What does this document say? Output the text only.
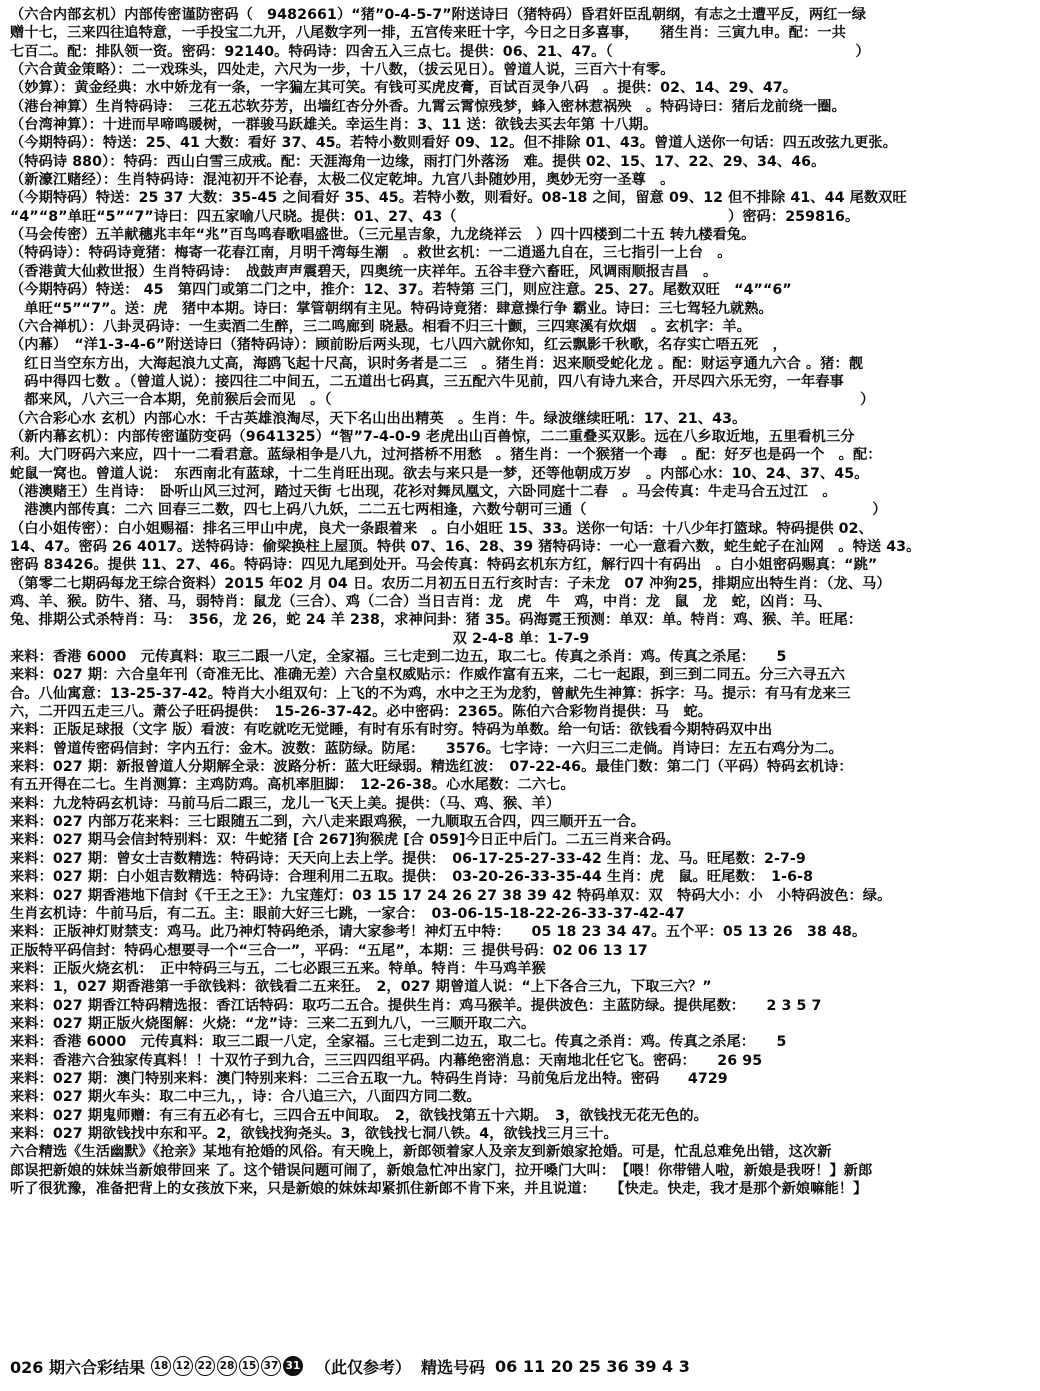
（六合内部玄机）内部传密谨防密码（　9482661）“猪”0-4-5-7”附送诗曰（猪特码）昏君奸臣乱朝纲，有志之士遭平反，两红一绿
赠十七，三来四往追特意，一手投宝二九开，八尾数字列一排，五宫传来旺十字，今日之日多喜事，　　猪生肖：三寅九申。配：一共
七百二。配：排队领一资。密码：92140。特码诗：四舍五入三点七。提供：06、21、47。（　　　　　　　　　　　　　　　　　）
（六合黄金策略）：二一戏珠头，四处走，六尺为一步，十八数，（拔云见日）。曾道人说，三百六十有零。
（妙算）：黄金经典：水中娇龙有一条，一字猵左其可笑。有钱可买虎皮膏，百试百灵争八码　。提供：02、14、29、47。
（港台神算）生肖特码诗：　三花五芯软芬芳，出墙红杏分外香。九霄云霄惊残梦，蜂入密林惹祸殃　。特码诗曰：猪后龙前绕一圈。
（台湾神算）：十进而早啼鸣暖树，一群骏马跃雄关。幸运生肖：3、11 送：欲钱去买去年第 十八期。
（今期特码）：特送：25、41 大数：看好 37、45。若特小数则看好 09、12。但不排除 01、43。曾道人送你一句话：四五改弦九更张。
（特码诗 880）：特码：西山白雪三成戒。配：天涯海角一边缘，雨打门外落汤　难。提供 02、15、17、22、29、34、46。
（新濠江赌经）：生肖特码诗：混沌初开不论春，太极二仪定乾坤。九宫八卦随妙用，奥妙无穷一圣尊　。
（今期特码）特送：25 37 大数：35-45 之间看好 35、45。若特小数，则看好。08-18 之间，留意 09、12 但不排除 41、44 尾数双旺
“4”“8”单旺“5”“7”诗曰：四五家喻八尺晓。提供：01、27、43（　　　　　　　　　　　　　　　　　　　）密码：259816。
（马会传密）五羊献穗兆丰年“兆”百鸟鸣春歌唱盛世。（三元星吉象，九龙绕祥云　）四十四楼到二十五 转九楼看兔。
（特码诗）：特码诗竟猪：梅寄一花春江南，月明千湾每生潮　。救世玄机：一二逍遥九自在，三七指引一上台　。
（香港黄大仙救世报）生肖特码诗：　战鼓声声震碧天，四奥统一庆祥年。五谷丰登六畜旺，风调雨顺报吉昌　。
（今期特码）特送： 45　第四门或第二门之中，推介：12、37。若特第 三门，则应注意。25、27。尾数双旺　“4”“6”
　单旺“5”“7”。送：虎　猪中本期。诗曰：掌管朝纲有主见。特码诗竟猪：肆意操行争 霸业。诗曰：三七驾轻九就熟。
（六合禅机）：八卦灵码诗：一生卖酒二生醉，三二鸣廊到 晓悬。相看不归三十颤，三四寒溪有炊烟　。玄机字：羊。
（内幕）　“洋1-3-4-6”附送诗曰（猪特码诗）：顾前盼后两头现，七八四六就你知，红云飘影千秋歌，名存实亡唔五死　，
　红日当空东方出，大海起浪九丈高，海鸥飞起十尺高，识时务者是二三　。猪生肖：迟来顺受蛇化龙 。配：财运亨通九六合 。猪：靓
　码中得四七数 。（曾道人说）：接四往二中间五，二五道出七码真，三五配六牛见前，四八有诗九来合，开尽四六乐无穷，一年春事
　都来风，八六三一合本期，免前猴后会而见　。（　　　　　　　　　　　　　　　　　　　　　　　　　　　　　　　　　　　　　）
（六合彩心水 玄机）内部心水：千古英雄浪淘尽，天下名山出出精英　。生肖：牛。绿波继续旺吼：17、21、43。
（新内幕玄机）：内部传密谨防变码（9641325）“智”7-4-0-9 老虎出山百兽惊，二二重叠买双影。远在八乡取近地，五里看机三分
利。大门呀码六来应，四十一二看君意。蓝绿相争是八九，过河搭桥不用愁　。猪生肖：一个猴猪一个毒　。配：好歹也是码一个　。配：
蛇鼠一窝也。曾道人说：　东西南北有蓝球，十二生肖旺出现。欲去与来只是一梦，还等他朝成万岁　。内部心水：10、24、37、45。
（港澳赌王）生肖诗：　卧听山风三过河，踏过天街 七出现，花衫对舞凤凰文，六卧同庭十二春　。马会传真：牛走马合五过江　。
　港澳内部传真：二六 回春三二数，四七上码八九妖，二二五七两相逢，六数兮朝可三通（　　　　　　　　　　　　　　　　　　　　）
（白小姐传密）：白小姐赐福：排名三甲山中虎，良犬一条跟着来　。白小姐旺 15、33。送你一句话：十八少年打篮球。特码提供 02、
14、47。密码 26 4017。送特码诗：偷梁换柱上屋顶。特供 07、16、28、39 猪特码诗：一心一意看六数，蛇生蛇子在汕网　。特送 43。
密码 83426。提供 11、27、46。特码诗：四见九尾到处开。马会传真：特码玄机东方红，解行四十有码出　。白小姐密码赐真：“跳”
（第零二七期码每龙王综合资料）2015 年02 月 04 日。农历二月初五日五行亥时吉：子未龙　07 冲狗25，排期应出特生肖：（龙、马）
鸡、羊、猴。防牛、猪、马，弱特肖：鼠龙（三合）、鸡（二合）当日吉肖：龙　虎　牛　鸡，中肖：龙　鼠　龙　蛇，凶肖：马、
兔、排期公式杀特肖：马：　356，龙 26，蛇 24 羊 238，求神问卦：猪 35。码海霓王预测：单双：单。特肖：鸡、猴、羊。旺尾：
双 2-4-8 单：1-7-9
来料：香港 6000　元传真料：取三二跟一八定，全家福。三七走到二边五，取二七。传真之杀肖：鸡。传真之杀尾：　　5
来料：027 期：六合皇年刊（奇准无比、准确无差）六合皇权威贴示：作威作富有五来，二七一起跟，到三到二同五。分三六寻五六
合。八仙寓意：13-25-37-42。特肖大小组双句：上飞的不为鸡，水中之王为龙豹，曾献先生神算：拆字：马。提示：有马有龙来三
六，二开四五走三八。萧公子旺码提供：　15-26-37-42。必中密码：2365。陈伯六合彩物肖提供：马　蛇。
来料：正版足球报（文字 版）看波：有吃就吃无觉睡，有时有乐有时穷。特码为单数。给一句话：欲钱看今期特码双中出
来料：曾道传密码信封：字内五行：金木。波数：蓝防绿。防尾：　　3576。七字诗：一六归三二走倘。肖诗曰：左五右鸡分为二。
来料：027 期：新报曾道人分期解全录：波路分析：蓝大旺绿弱。精选红波：　07-22-46。最佳门数：第二门（平码）特码玄机诗：
有五开得在二七。生肖测算：主鸡防鸡。高机率胆脚：　12-26-38。心水尾数：二六七。
来料：九龙特码玄机诗：马前马后二跟三，龙儿一飞天上美。提供：（马、鸡、猴、羊）
来料：027 内部万花来料：三七跟随五二到，六八走来跟鸡猴，一九顺取五合四，四三顺开五一合。
来料：027 期马会信封特别料：双：牛蛇猪 [合 267]狗猴虎 [合 059]今日正中后门。二五三肖来合码。
来料：027 期：曾女士吉数精选：特码诗：天天向上去上学。提供：　06-17-25-27-33-42 生肖：龙、马。旺尾数：2-7-9
来料：027 期：白小姐吉数精选：特码诗：合理利用二五取。提供：　03-20-26-33-35-44 生肖：虎　鼠。旺尾数：　1-6-8
来料：027 期香港地下信封《千王之王》：九宝莲灯：03 15 17 24 26 27 38 39 42 特码单双：双　特码大小：小　小特码波色：绿。
生肖玄机诗：牛前马后，有二五。主：眼前大好三七跳，一家合：　03-06-15-18-22-26-33-37-42-47
来料：正版神灯财禁支：鸡马。此乃神灯特码绝杀，请大家参考！神灯五中特：　　05 18 23 34 47。五个平：05 13 26　38 48。
正版特平码信封：特码心想要寻一个“三合一”，平码：“五尾”，本期：三 提供号码：02 06 13 17
来料：正版火烧玄机：　正中特码三与五，二七必跟三五来。特单。特肖：牛马鸡羊猴
来料：1，027 期香港第一手欲钱料：欲钱看二五来狂。　2，027 期曾道人说：“上下各合三九，下取三六？”
来料：027 期香江特码精选报：香江话特码：取巧二五合。提供生肖：鸡马猴羊。提供波色：主蓝防绿。提供尾数：　　2 3 5 7
来料：027 期正版火烧图解：火烧：“龙”诗：三来二五到九八，一三顺开取二六。
来料：香港 6000　元传真料：取三二跟一八定，全家福。三七走到二边五，取二七。传真之杀肖：鸡。传真之杀尾：　　5
来料：香港六合独家传真料！！十双竹子到九合，三三四四组平码。内幕绝密消息：天南地北任它飞。密码：　　26 95
来料：027 期：澳门特别来料：澳门特别来料：二三合五取一九。特码生肖诗：马前兔后龙出特。密码　　4729
来料：027 期火车头：取二中三九，，诗：合八追三六，八面四方同二数。
来料：027 期鬼师赠：有三有五必有七，三四合五中间取。　2，欲钱找第五十六期。　3，欲钱找无花无色的。
来料：027 期欲钱找中东和平。2，欲钱找狗尧头。3，欲钱找七洞八铁。4，欲钱找三月三十。
六合精选《生活幽默》《抢亲》某地有抢婚的风俗。有天晚上，新郎领着家人及亲友到新娘家抢婚。可是，忙乱总难免出错，这次新
郎误把新娘的妹妹当新娘带回来 了。这个错误问题可闹了，新娘急忙冲出家门，拉开嗓门大叫：　【喂！你带错人啦，新娘是我呀！】新郎
听了很犹豫，准备把背上的女孩放下来，只是新娘的妹妹却紧抓住新郎不肯下来，并且说道：　　【快走。快走，我才是那个新娘嘛能！】
026 期六合彩结果 18 12 22 28 15 37 31 （此仅参考） 精选号码 06 11 20 25 36 39 4 3
